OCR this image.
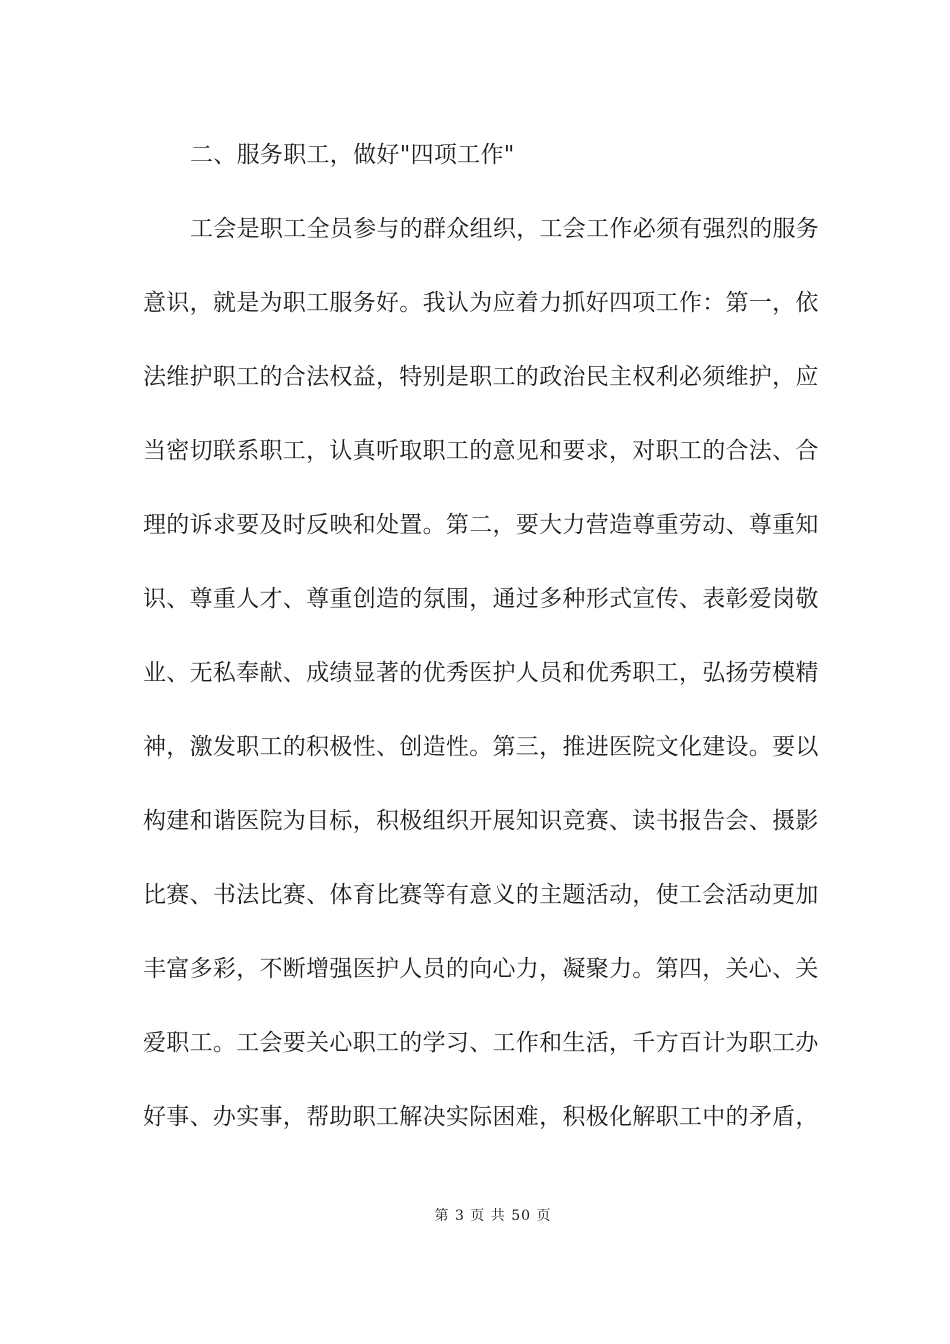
二、服务职工，做好"四项工作"
工会是职工全员参与的群众组织，工会工作必须有强烈的服务
意识，就是为职工服务好。我认为应着力抓好四项工作：第一，依
法维护职工的合法权益，特别是职工的政治民主权利必须维护，应
当密切联系职工，认真听取职工的意见和要求，对职工的合法、合
理的诉求要及时反映和处置。第二，要大力营造尊重劳动、尊重知
识、尊重人才、尊重创造的氛围，通过多种形式宣传、表彰爱岗敬
业、无私奉献、成绩显著的优秀医护人员和优秀职工，弘扬劳模精
神，激发职工的积极性、创造性。第三，推进医院文化建设。要以
构建和谐医院为目标，积极组织开展知识竞赛、读书报告会、摄影
比赛、书法比赛、体育比赛等有意义的主题活动，使工会活动更加
丰富多彩，不断增强医护人员的向心力，凝聚力。第四，关心、关
爱职工。工会要关心职工的学习、工作和生活，千方百计为职工办
好事、办实事，帮助职工解决实际困难，积极化解职工中的矛盾，
第 3 页 共 50 页
